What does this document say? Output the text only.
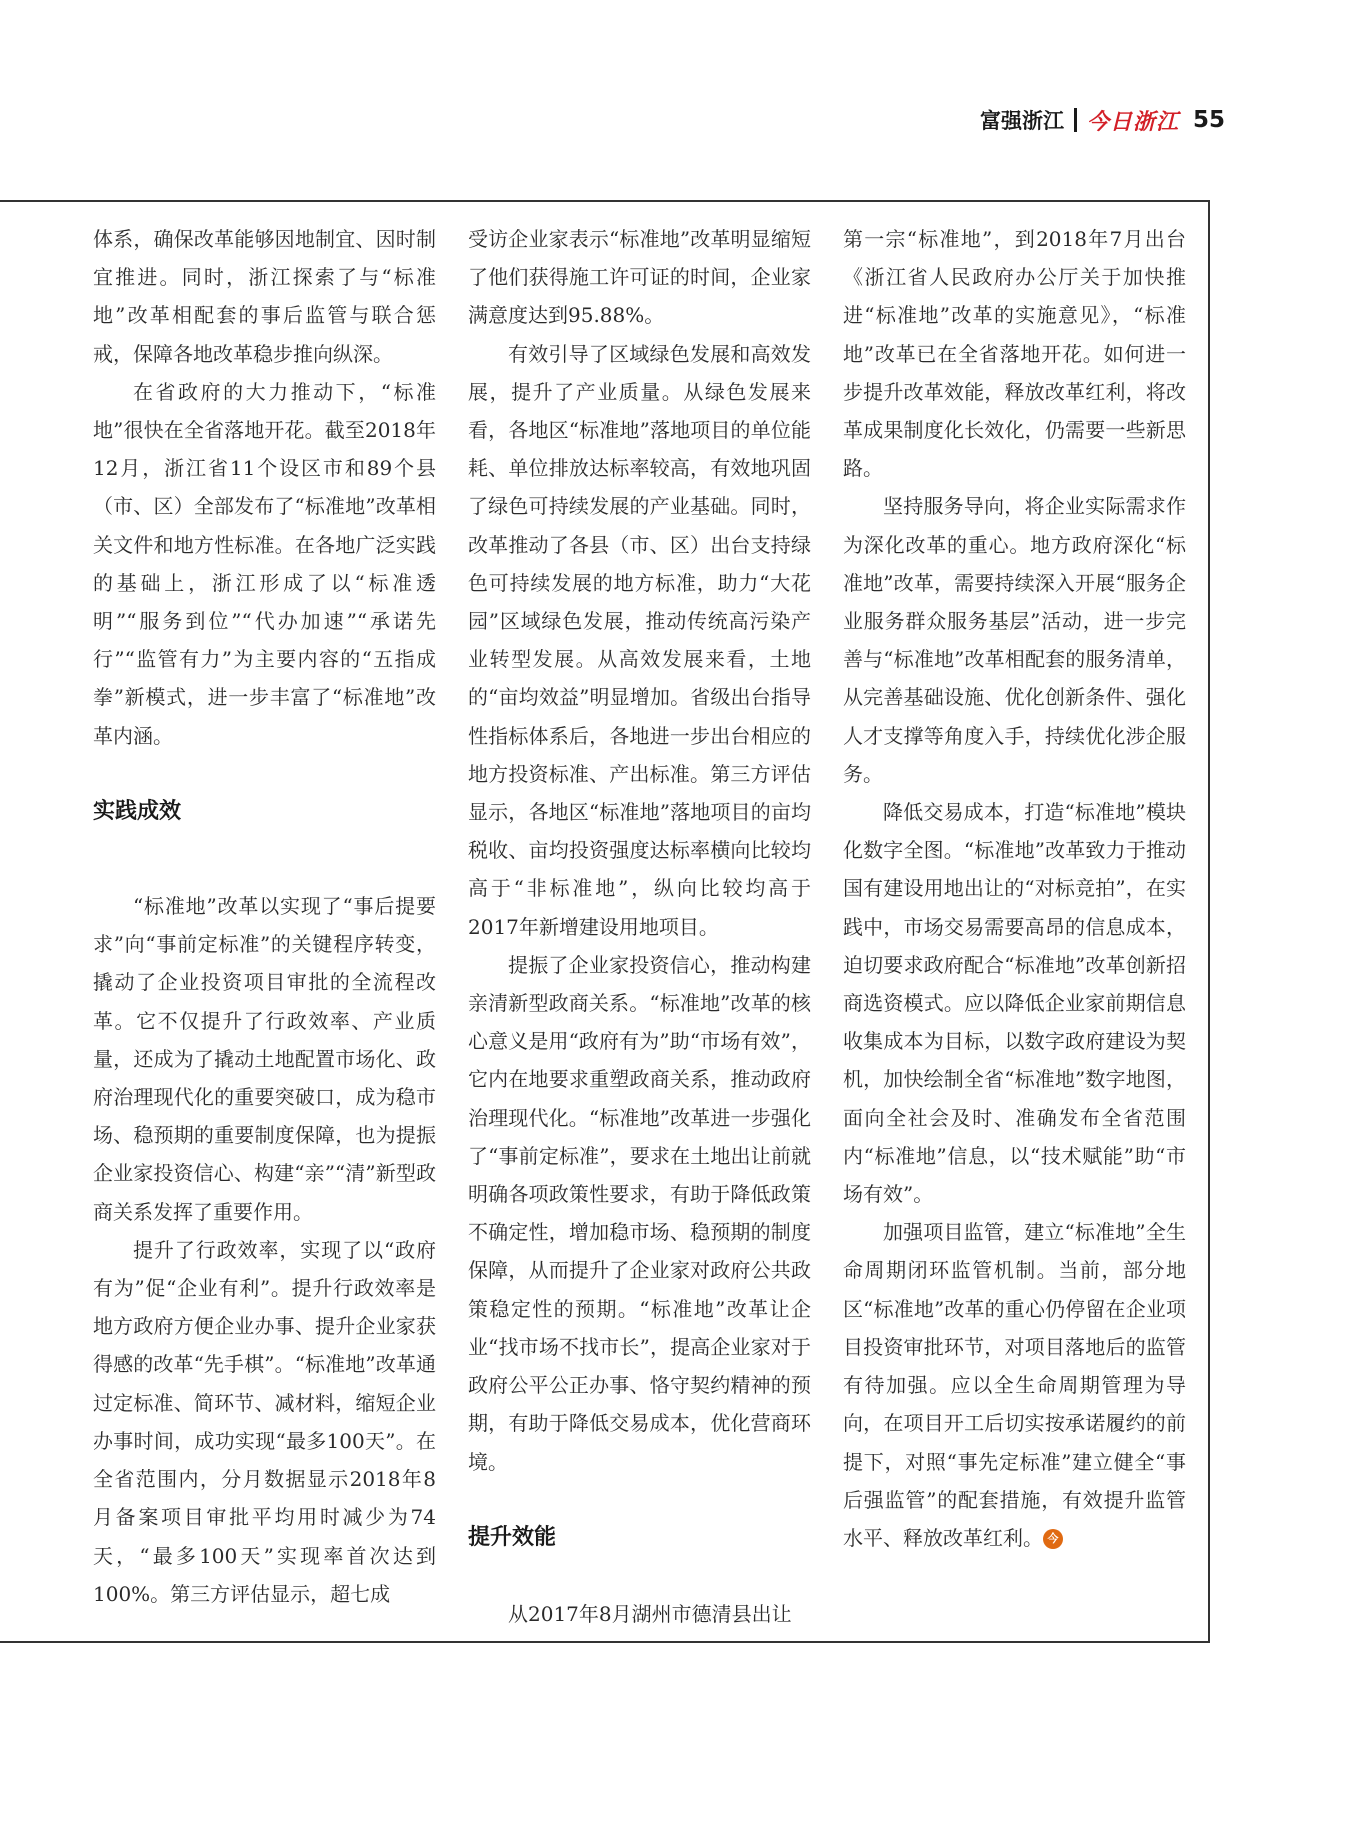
富强浙江 今日浙江 55

体系，确保改革能够因地制宜、因时制宜推进。同时，浙江探索了与“标准地”改革相配套的事后监管与联合惩戒，保障各地改革稳步推向纵深。

在省政府的大力推动下，“标准地”很快在全省落地开花。截至2018年12月，浙江省11个设区市和89个县（市、区）全部发布了“标准地”改革相关文件和地方性标准。在各地广泛实践的基础上，浙江形成了以“标准透明”“服务到位”“代办加速”“承诺先行”“监管有力”为主要内容的“五指成拳”新模式，进一步丰富了“标准地”改革内涵。

实践成效

“标准地”改革以实现了“事后提要求”向“事前定标准”的关键程序转变，撬动了企业投资项目审批的全流程改革。它不仅提升了行政效率、产业质量，还成为了撬动土地配置市场化、政府治理现代化的重要突破口，成为稳市场、稳预期的重要制度保障，也为提振企业家投资信心、构建“亲”“清”新型政商关系发挥了重要作用。

提升了行政效率，实现了以“政府有为”促“企业有利”。提升行政效率是地方政府方便企业办事、提升企业家获得感的改革“先手棋”。“标准地”改革通过定标准、简环节、减材料，缩短企业办事时间，成功实现“最多100天”。在全省范围内，分月数据显示2018年8月备案项目审批平均用时减少为74天，“最多100天”实现率首次达到100%。第三方评估显示，超七成

受访企业家表示“标准地”改革明显缩短了他们获得施工许可证的时间，企业家满意度达到95.88%。

有效引导了区域绿色发展和高效发展，提升了产业质量。从绿色发展来看，各地区“标准地”落地项目的单位能耗、单位排放达标率较高，有效地巩固了绿色可持续发展的产业基础。同时，改革推动了各县（市、区）出台支持绿色可持续发展的地方标准，助力“大花园”区域绿色发展，推动传统高污染产业转型发展。从高效发展来看，土地的“亩均效益”明显增加。省级出台指导性指标体系后，各地进一步出台相应的地方投资标准、产出标准。第三方评估显示，各地区“标准地”落地项目的亩均税收、亩均投资强度达标率横向比较均高于“非标准地”，纵向比较均高于2017年新增建设用地项目。

提振了企业家投资信心，推动构建亲清新型政商关系。“标准地”改革的核心意义是用“政府有为”助“市场有效”，它内在地要求重塑政商关系，推动政府治理现代化。“标准地”改革进一步强化了“事前定标准”，要求在土地出让前就明确各项政策性要求，有助于降低政策不确定性，增加稳市场、稳预期的制度保障，从而提升了企业家对政府公共政策稳定性的预期。“标准地”改革让企业“找市场不找市长”，提高企业家对于政府公平公正办事、恪守契约精神的预期，有助于降低交易成本，优化营商环境。

提升效能

从2017年8月湖州市德清县出让

第一宗“标准地”，到2018年7月出台《浙江省人民政府办公厅关于加快推进“标准地”改革的实施意见》，“标准地”改革已在全省落地开花。如何进一步提升改革效能，释放改革红利，将改革成果制度化长效化，仍需要一些新思路。

坚持服务导向，将企业实际需求作为深化改革的重心。地方政府深化“标准地”改革，需要持续深入开展“服务企业服务群众服务基层”活动，进一步完善与“标准地”改革相配套的服务清单，从完善基础设施、优化创新条件、强化人才支撑等角度入手，持续优化涉企服务。

降低交易成本，打造“标准地”模块化数字全图。“标准地”改革致力于推动国有建设用地出让的“对标竞拍”，在实践中，市场交易需要高昂的信息成本，迫切要求政府配合“标准地”改革创新招商选资模式。应以降低企业家前期信息收集成本为目标，以数字政府建设为契机，加快绘制全省“标准地”数字地图，面向全社会及时、准确发布全省范围内“标准地”信息，以“技术赋能”助“市场有效”。

加强项目监管，建立“标准地”全生命周期闭环监管机制。当前，部分地区“标准地”改革的重心仍停留在企业项目投资审批环节，对项目落地后的监管有待加强。应以全生命周期管理为导向，在项目开工后切实按承诺履约的前提下，对照“事先定标准”建立健全“事后强监管”的配套措施，有效提升监管水平、释放改革红利。 今
